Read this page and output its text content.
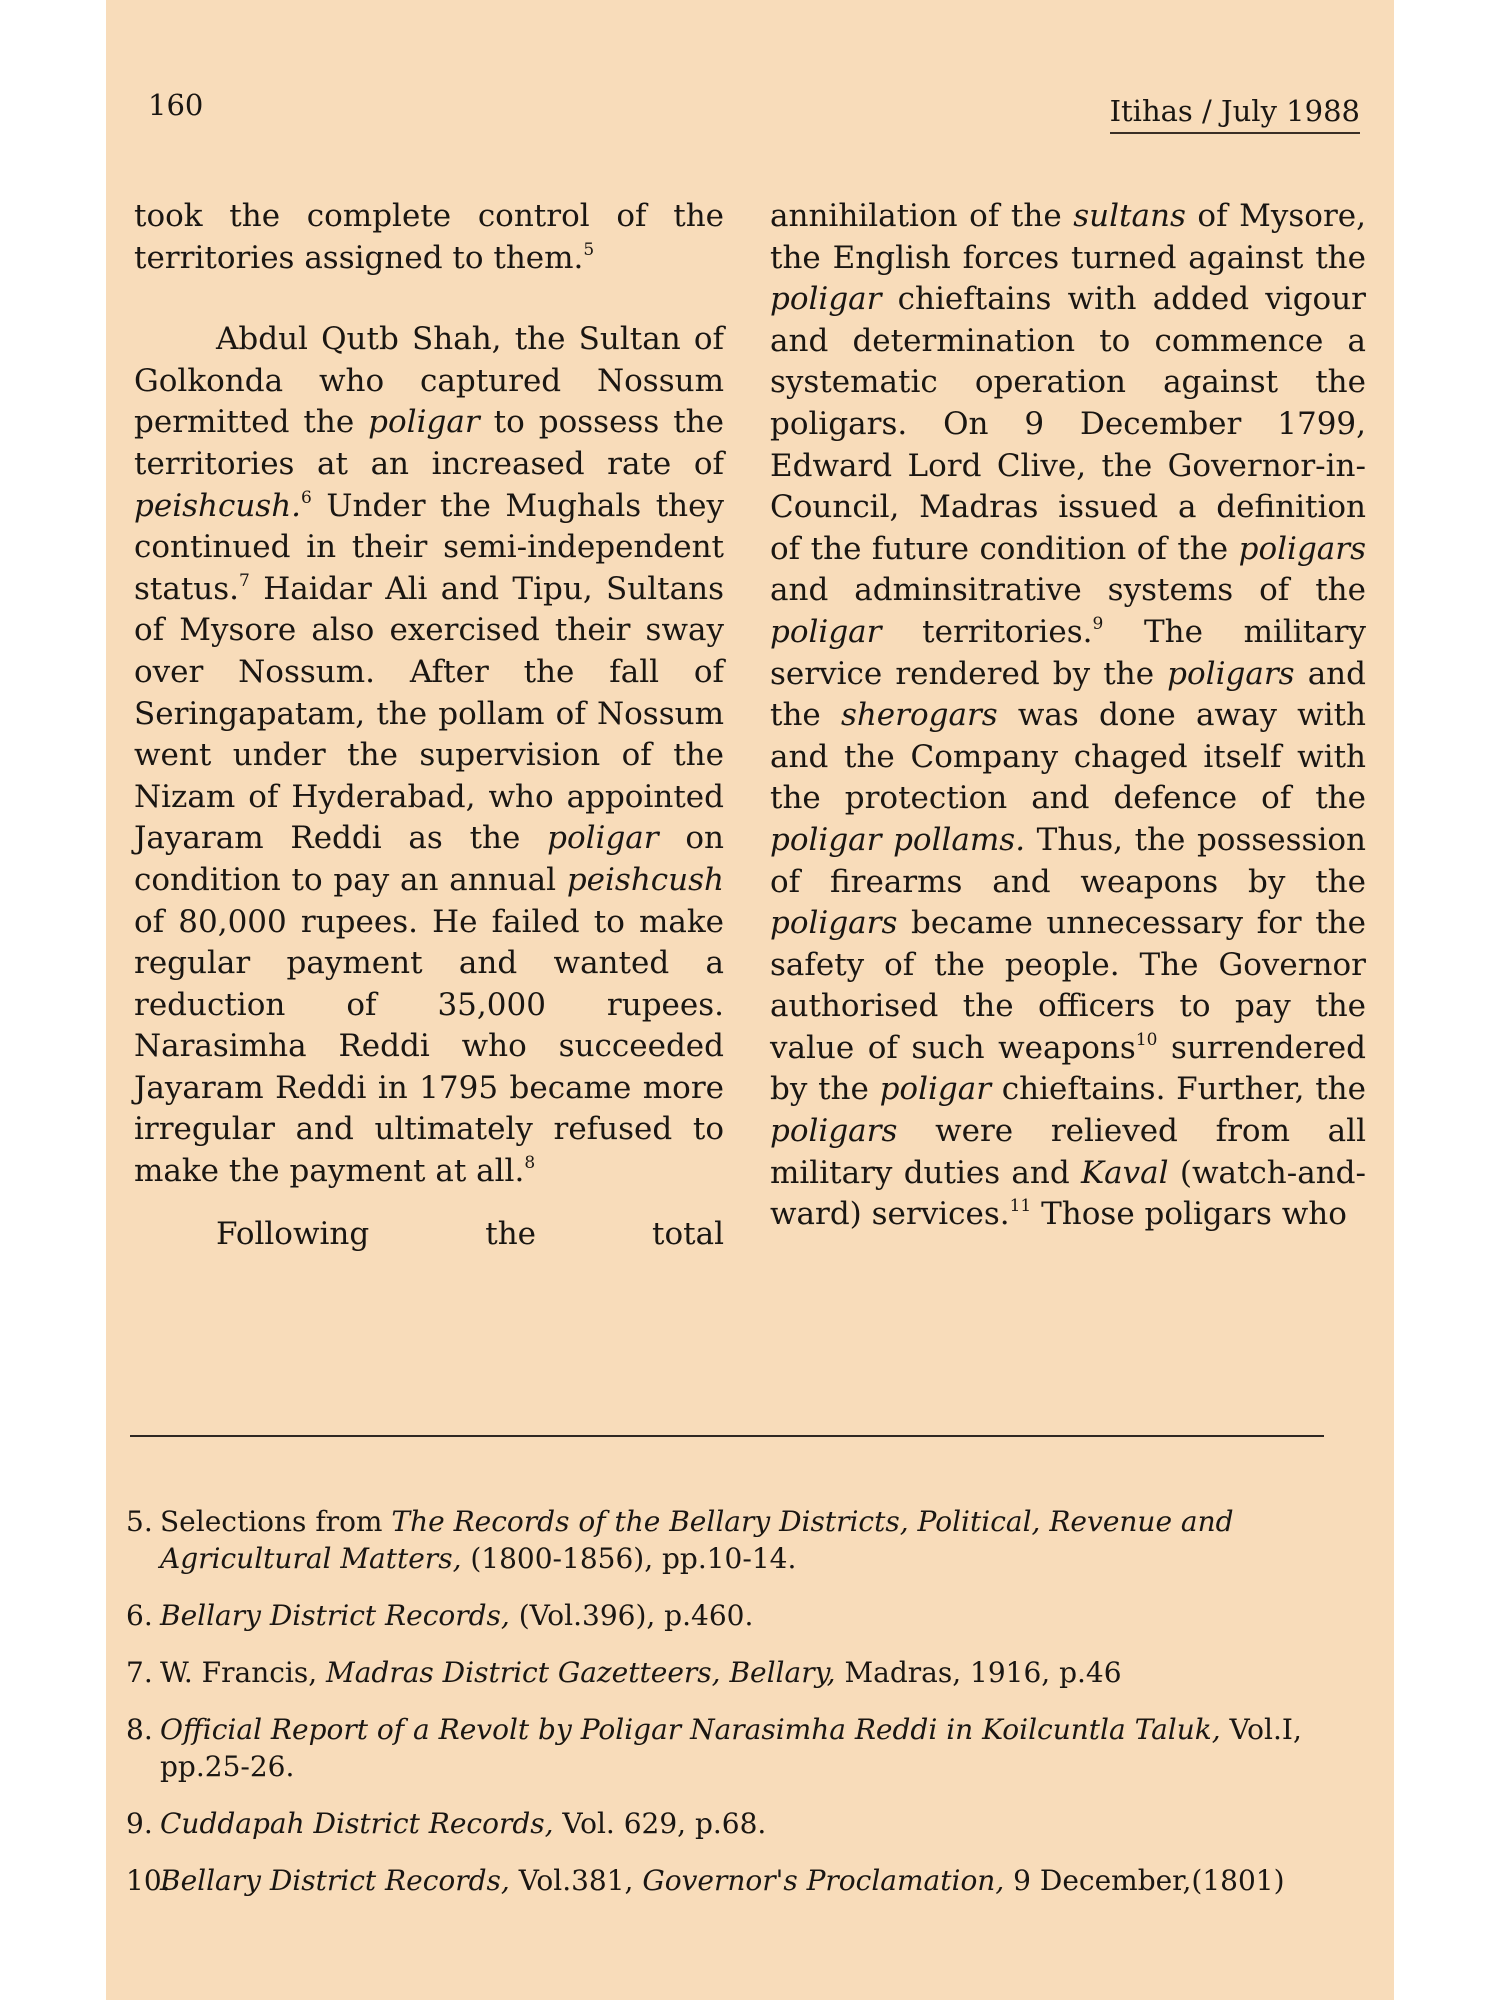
160	Itihas / July 1988

took the complete control of the territories assigned to them.$^5$

Abdul Qutb Shah, the Sultan of Golkonda who captured Nossum permitted the poligar to possess the territories at an increased rate of peishcush.$^6$ Under the Mughals they continued in their semi-independent status.$^7$ Haidar Ali and Tipu, Sultans of Mysore also exercised their sway over Nossum. After the fall of Seringapatam, the pollam of Nossum went under the supervision of the Nizam of Hyderabad, who appointed Jayaram Reddi as the poligar on condition to pay an annual peishcush of 80,000 rupees. He failed to make regular payment and wanted a reduction of 35,000 rupees. Narasimha Reddi who succeeded Jayaram Reddi in 1795 became more irregular and ultimately refused to make the payment at all.$^8$

Following the total

annihilation of the sultans of Mysore, the English forces turned against the poligar chieftains with added vigour and determination to commence a systematic operation against the poligars. On 9 December 1799, Edward Lord Clive, the Governor-in-Council, Madras issued a definition of the future condition of the poligars and adminsitrative systems of the poligar territories.$^9$ The military service rendered by the poligars and the sherogars was done away with and the Company chaged itself with the protection and defence of the poligar pollams. Thus, the possession of firearms and weapons by the poligars became unnecessary for the safety of the people. The Governor authorised the officers to pay the value of such weapons$^{10}$ surrendered by the poligar chieftains. Further, the poligars were relieved from all military duties and Kaval (watch-and-ward) services.$^{11}$ Those poligars who

5. Selections from The Records of the Bellary Districts, Political, Revenue and Agricultural Matters, (1800-1856), pp.10-14.

6. Bellary District Records, (Vol.396), p.460.

7. W. Francis, Madras District Gazetteers, Bellary, Madras, 1916, p.46

8. Official Report of a Revolt by Poligar Narasimha Reddi in Koilcuntla Taluk, Vol.I, pp.25-26.

9. Cuddapah District Records, Vol. 629, p.68.

10.Bellary District Records, Vol.381, Governor's Proclamation, 9 December,(1801)
